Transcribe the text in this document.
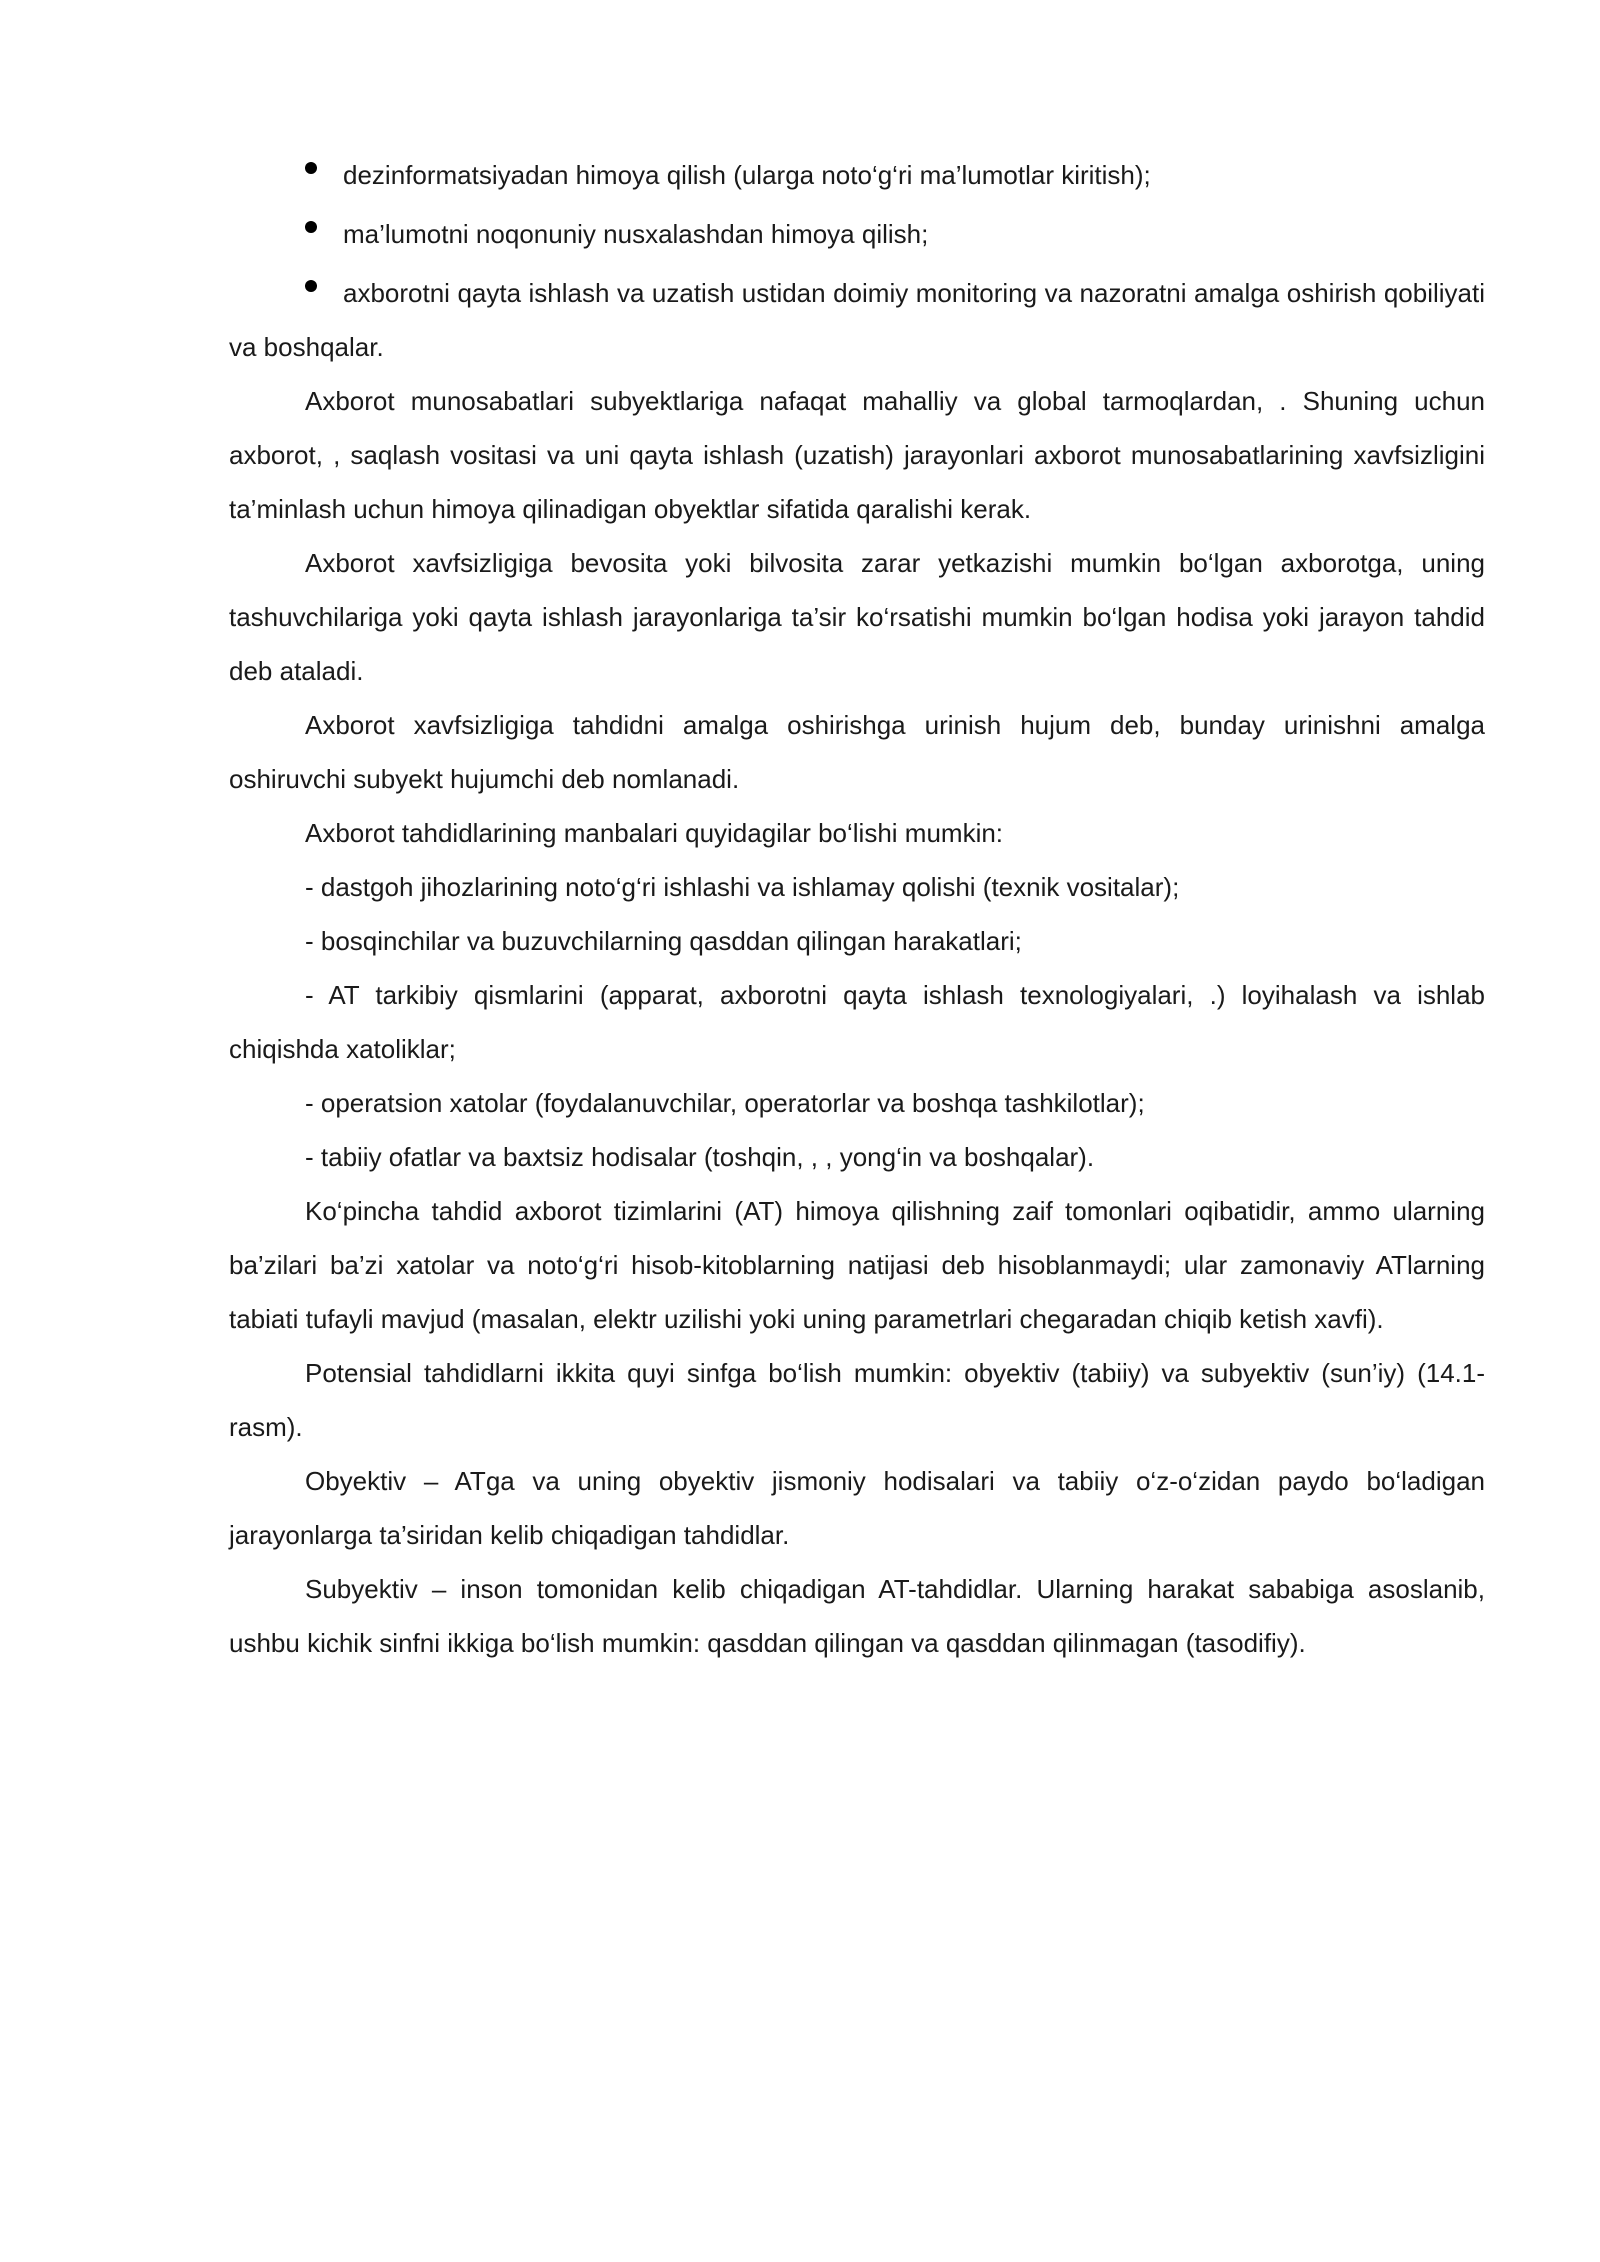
dezinformatsiyadan himoya qilish (ularga noto‘g‘ri ma’lumotlar kiritish);
ma’lumotni noqonuniy nusxalashdan himoya qilish;

axborotni qayta ishlash va uzatish ustidan doimiy monitoring va nazoratni amalga oshirish qobiliyati va boshqalar.

Axborot munosabatlari subyektlariga nafaqat mahalliy va global tarmoqlardan, . Shuning uchun axborot, , saqlash vositasi va uni qayta ishlash (uzatish) jarayonlari axborot munosabatlarining xavfsizligini ta’minlash uchun himoya qilinadigan obyektlar sifatida qaralishi kerak.

Axborot xavfsizligiga bevosita yoki bilvosita zarar yetkazishi mumkin bo‘lgan axborotga, uning tashuvchilariga yoki qayta ishlash jarayonlariga ta’sir ko‘rsatishi mumkin bo‘lgan hodisa yoki jarayon tahdid deb ataladi.

Axborot xavfsizligiga tahdidni amalga oshirishga urinish hujum deb, bunday urinishni amalga oshiruvchi subyekt hujumchi deb nomlanadi.

Axborot tahdidlarining manbalari quyidagilar bo‘lishi mumkin:

- dastgoh jihozlarining noto‘g‘ri ishlashi va ishlamay qolishi (texnik vositalar);

- bosqinchilar va buzuvchilarning qasddan qilingan harakatlari;

- AT tarkibiy qismlarini (apparat, axborotni qayta ishlash texnologiyalari, .) loyihalash va ishlab chiqishda xatoliklar;

- operatsion xatolar (foydalanuvchilar, operatorlar va boshqa tashkilotlar);

- tabiiy ofatlar va baxtsiz hodisalar (toshqin, , , yong‘in va boshqalar).

Ko‘pincha tahdid axborot tizimlarini (AT) himoya qilishning zaif tomonlari oqibatidir, ammo ularning ba’zilari ba’zi xatolar va noto‘g‘ri hisob-kitoblarning natijasi deb hisoblanmaydi; ular zamonaviy ATlarning tabiati tufayli mavjud (masalan, elektr uzilishi yoki uning parametrlari chegaradan chiqib ketish xavfi).

Potensial tahdidlarni ikkita quyi sinfga bo‘lish mumkin: obyektiv (tabiiy) va subyektiv (sun’iy) (14.1-rasm).

Obyektiv – ATga va uning obyektiv jismoniy hodisalari va tabiiy o‘z-o‘zidan paydo bo‘ladigan jarayonlarga ta’siridan kelib chiqadigan tahdidlar.

Subyektiv – inson tomonidan kelib chiqadigan AT-tahdidlar. Ularning harakat sababiga asoslanib, ushbu kichik sinfni ikkiga bo‘lish mumkin: qasddan qilingan va qasddan qilinmagan (tasodifiy).
